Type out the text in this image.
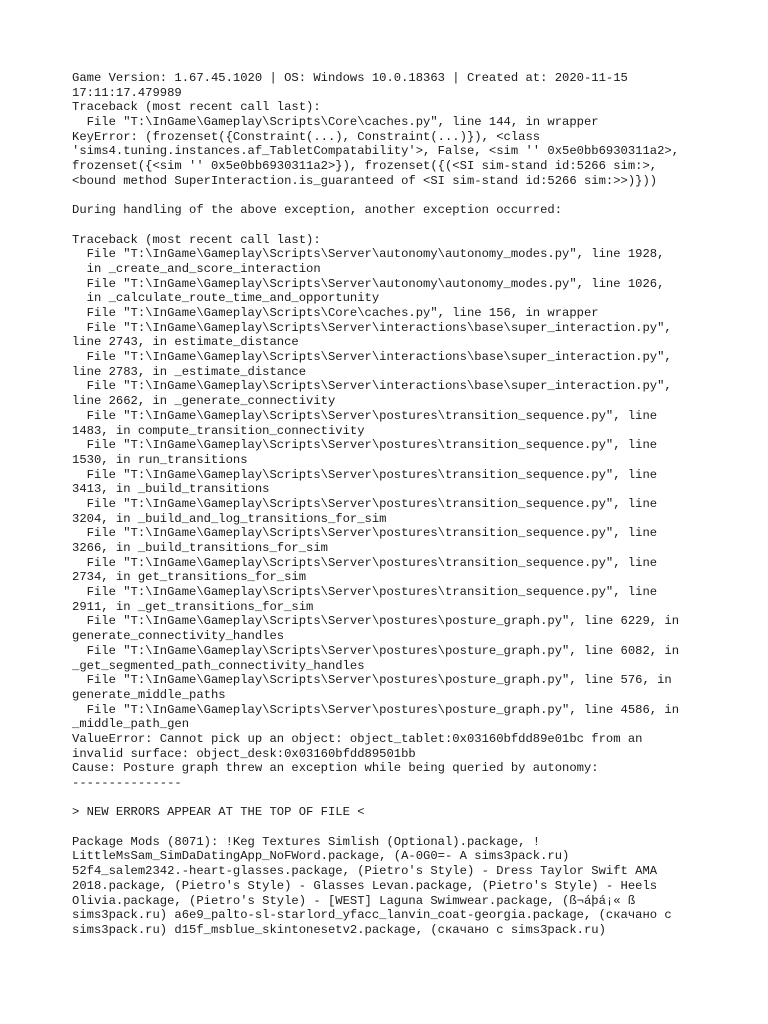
Game Version: 1.67.45.1020 | OS: Windows 10.0.18363 | Created at: 2020-11-15
17:11:17.479989
Traceback (most recent call last):
File "T:\InGame\Gameplay\Scripts\Core\caches.py", line 144, in wrapper
KeyError: (frozenset({Constraint(...), Constraint(...)}), <class
'sims4.tuning.instances.af_TabletCompatability'>, False, <sim '' 0x5e0bb6930311a2>,
frozenset({<sim '' 0x5e0bb6930311a2>}), frozenset({(<SI sim-stand id:5266 sim:>,
<bound method SuperInteraction.is_guaranteed of <SI sim-stand id:5266 sim:>>)}))
During handling of the above exception, another exception occurred:
Traceback (most recent call last):
File "T:\InGame\Gameplay\Scripts\Server\autonomy\autonomy_modes.py", line 1928,
in _create_and_score_interaction
File "T:\InGame\Gameplay\Scripts\Server\autonomy\autonomy_modes.py", line 1026,
in _calculate_route_time_and_opportunity
File "T:\InGame\Gameplay\Scripts\Core\caches.py", line 156, in wrapper
File "T:\InGame\Gameplay\Scripts\Server\interactions\base\super_interaction.py",
line 2743, in estimate_distance
File "T:\InGame\Gameplay\Scripts\Server\interactions\base\super_interaction.py",
line 2783, in _estimate_distance
File "T:\InGame\Gameplay\Scripts\Server\interactions\base\super_interaction.py",
line 2662, in _generate_connectivity
File "T:\InGame\Gameplay\Scripts\Server\postures\transition_sequence.py", line
1483, in compute_transition_connectivity
File "T:\InGame\Gameplay\Scripts\Server\postures\transition_sequence.py", line
1530, in run_transitions
File "T:\InGame\Gameplay\Scripts\Server\postures\transition_sequence.py", line
3413, in _build_transitions
File "T:\InGame\Gameplay\Scripts\Server\postures\transition_sequence.py", line
3204, in _build_and_log_transitions_for_sim
File "T:\InGame\Gameplay\Scripts\Server\postures\transition_sequence.py", line
3266, in _build_transitions_for_sim
File "T:\InGame\Gameplay\Scripts\Server\postures\transition_sequence.py", line
2734, in get_transitions_for_sim
File "T:\InGame\Gameplay\Scripts\Server\postures\transition_sequence.py", line
2911, in _get_transitions_for_sim
File "T:\InGame\Gameplay\Scripts\Server\postures\posture_graph.py", line 6229, in
generate_connectivity_handles
File "T:\InGame\Gameplay\Scripts\Server\postures\posture_graph.py", line 6082, in
_get_segmented_path_connectivity_handles
File "T:\InGame\Gameplay\Scripts\Server\postures\posture_graph.py", line 576, in
generate_middle_paths
File "T:\InGame\Gameplay\Scripts\Server\postures\posture_graph.py", line 4586, in
_middle_path_gen
ValueError: Cannot pick up an object: object_tablet:0x03160bfdd89e01bc from an
invalid surface: object_desk:0x03160bfdd89501bb
Cause: Posture graph threw an exception while being queried by autonomy:
---------------
> NEW ERRORS APPEAR AT THE TOP OF FILE <
Package Mods (8071): !Keg Textures Simlish (Optional).package, !
LittleMsSam_SimDaDatingApp_NoFWord.package, (A-0G0=- A sims3pack.ru)
52f4_salem2342.-heart-glasses.package, (Pietro's Style) - Dress Taylor Swift AMA
2018.package, (Pietro's Style) - Glasses Levan.package, (Pietro's Style) - Heels
Olivia.package, (Pietro's Style) - [WEST] Laguna Swimwear.package, (ß¬áþá¡« ß
sims3pack.ru) a6e9_palto-sl-starlord_yfacc_lanvin_coat-georgia.package, (скачано с
sims3pack.ru) d15f_msblue_skintonesetv2.package, (скачано с sims3pack.ru)
